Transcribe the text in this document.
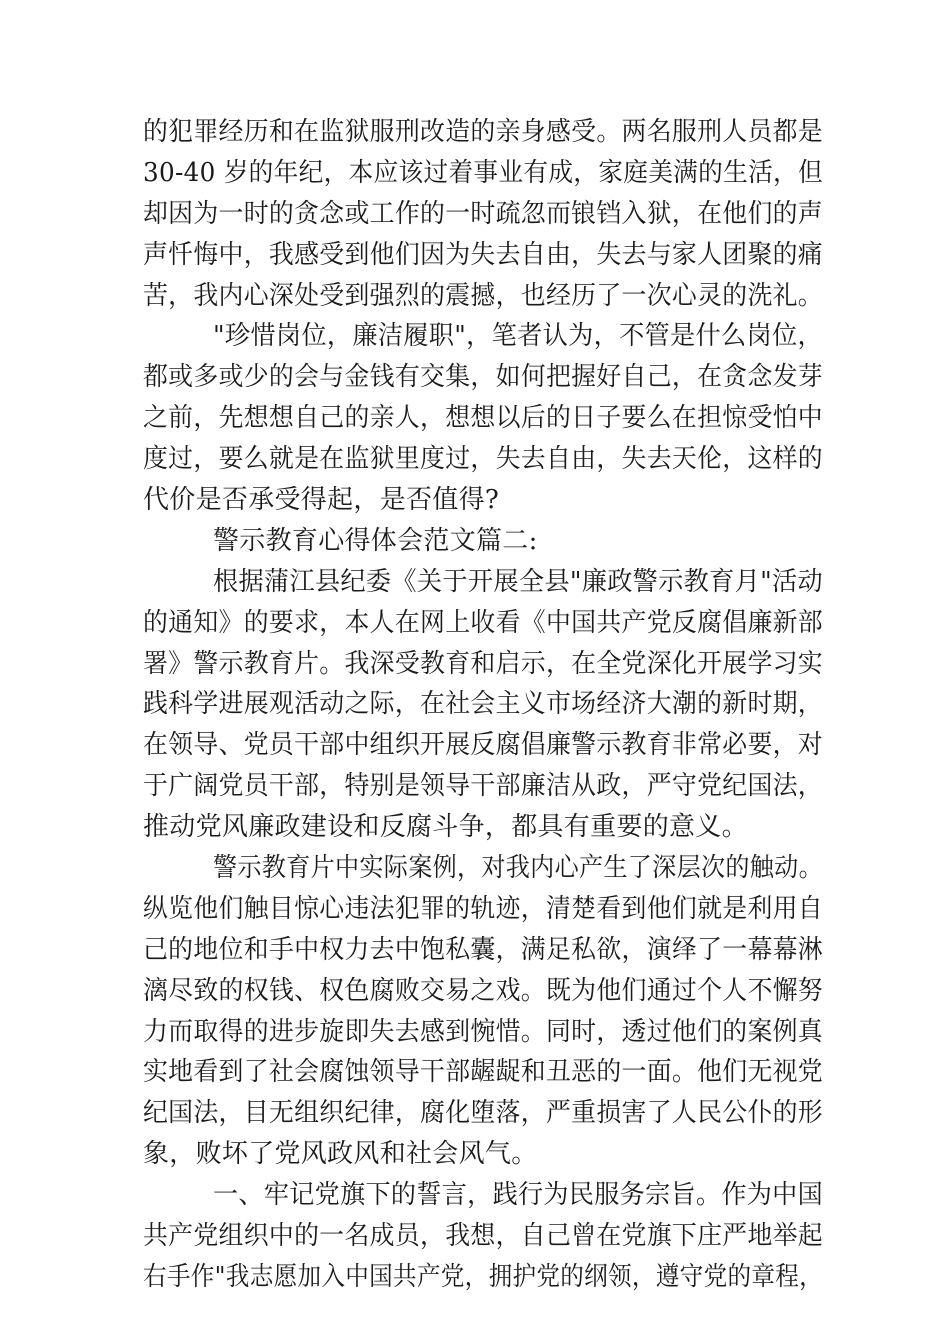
的犯罪经历和在监狱服刑改造的亲身感受。两名服刑人员都是
30-40 岁的年纪，本应该过着事业有成，家庭美满的生活，但
却因为一时的贪念或工作的一时疏忽而锒铛入狱，在他们的声
声忏悔中，我感受到他们因为失去自由，失去与家人团聚的痛
苦，我内心深处受到强烈的震撼，也经历了一次心灵的洗礼。
"珍惜岗位，廉洁履职"，笔者认为，不管是什么岗位，
都或多或少的会与金钱有交集，如何把握好自己，在贪念发芽
之前，先想想自己的亲人，想想以后的日子要么在担惊受怕中
度过，要么就是在监狱里度过，失去自由，失去天伦，这样的
代价是否承受得起，是否值得?
警示教育心得体会范文篇二:
根据蒲江县纪委《关于开展全县"廉政警示教育月"活动
的通知》的要求，本人在网上收看《中国共产党反腐倡廉新部
署》警示教育片。我深受教育和启示，在全党深化开展学习实
践科学进展观活动之际，在社会主义市场经济大潮的新时期，
在领导、党员干部中组织开展反腐倡廉警示教育非常必要，对
于广阔党员干部，特别是领导干部廉洁从政，严守党纪国法，
推动党风廉政建设和反腐斗争，都具有重要的意义。
警示教育片中实际案例，对我内心产生了深层次的触动。
纵览他们触目惊心违法犯罪的轨迹，清楚看到他们就是利用自
己的地位和手中权力去中饱私囊，满足私欲，演绎了一幕幕淋
漓尽致的权钱、权色腐败交易之戏。既为他们通过个人不懈努
力而取得的进步旋即失去感到惋惜。同时，透过他们的案例真
实地看到了社会腐蚀领导干部龌龊和丑恶的一面。他们无视党
纪国法，目无组织纪律，腐化堕落，严重损害了人民公仆的形
象，败坏了党风政风和社会风气。
一、牢记党旗下的誓言，践行为民服务宗旨。作为中国
共产党组织中的一名成员，我想，自己曾在党旗下庄严地举起
右手作"我志愿加入中国共产党，拥护党的纲领，遵守党的章程，
